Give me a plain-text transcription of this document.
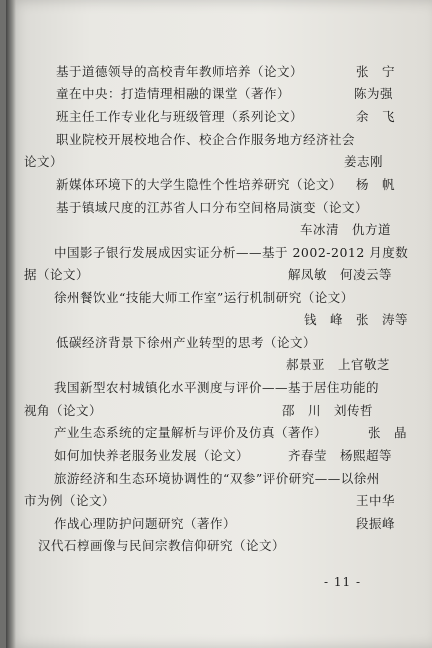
基于道德领导的高校青年教师培养（论文）	张　宁
童在中央：打造情理相融的课堂（著作）	陈为强
班主任工作专业化与班级管理（系列论文）	余　飞
职业院校开展校地合作、校企合作服务地方经济社会
论文）	姜志刚
新媒体环境下的大学生隐性个性培养研究（论文） 杨　帆
基于镇域尺度的江苏省人口分布空间格局演变（论文）
车冰清　仇方道
中国影子银行发展成因实证分析——基于 2002-2012 月度数
据（论文）	解凤敏　何凌云等
徐州餐饮业“技能大师工作室”运行机制研究（论文）
钱　峰　张　涛等
低碳经济背景下徐州产业转型的思考（论文）
郝景亚　上官敬芝
我国新型农村城镇化水平测度与评价——基于居住功能的
视角（论文）	邵　川　刘传哲
产业生态系统的定量解析与评价及仿真（著作）	张　晶
如何加快养老服务业发展（论文）	齐春莹　杨熙超等
旅游经济和生态环境协调性的“双参”评价研究——以徐州
市为例（论文）	王中华
作战心理防护问题研究（著作）	段振峰
汉代石椁画像与民间宗教信仰研究（论文）
- 11 -
